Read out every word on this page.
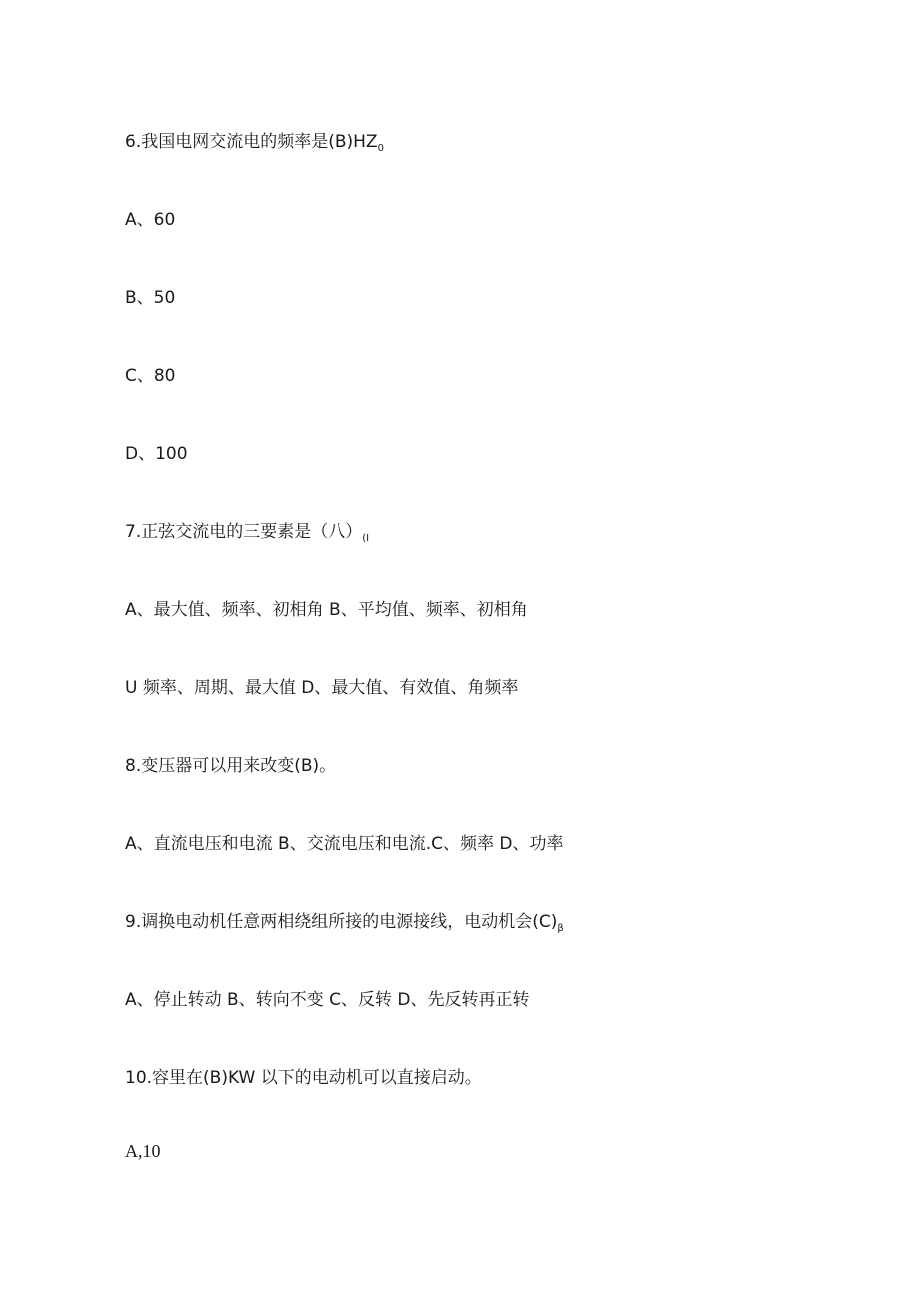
6.我国电网交流电的频率是$(B)HZ_0$
A、60
B、50
C、80
D、100
7.正弦交流电的三要素是（八）$_{(I}$
A、最大值、频率、初相角 B、平均值、频率、初相角
U 频率、周期、最大值 D、最大值、有效值、角频率
8.变压器可以用来改变(B)。
A、直流电压和电流 B、交流电压和电流.C、频率 D、功率
9.调换电动机任意两相绕组所接的电源接线，电动机会$(C)_\beta$
A、停止转动 B、转向不变 C、反转 D、先反转再正转
10.容里在(B)KW 以下的电动机可以直接启动。
A,10
